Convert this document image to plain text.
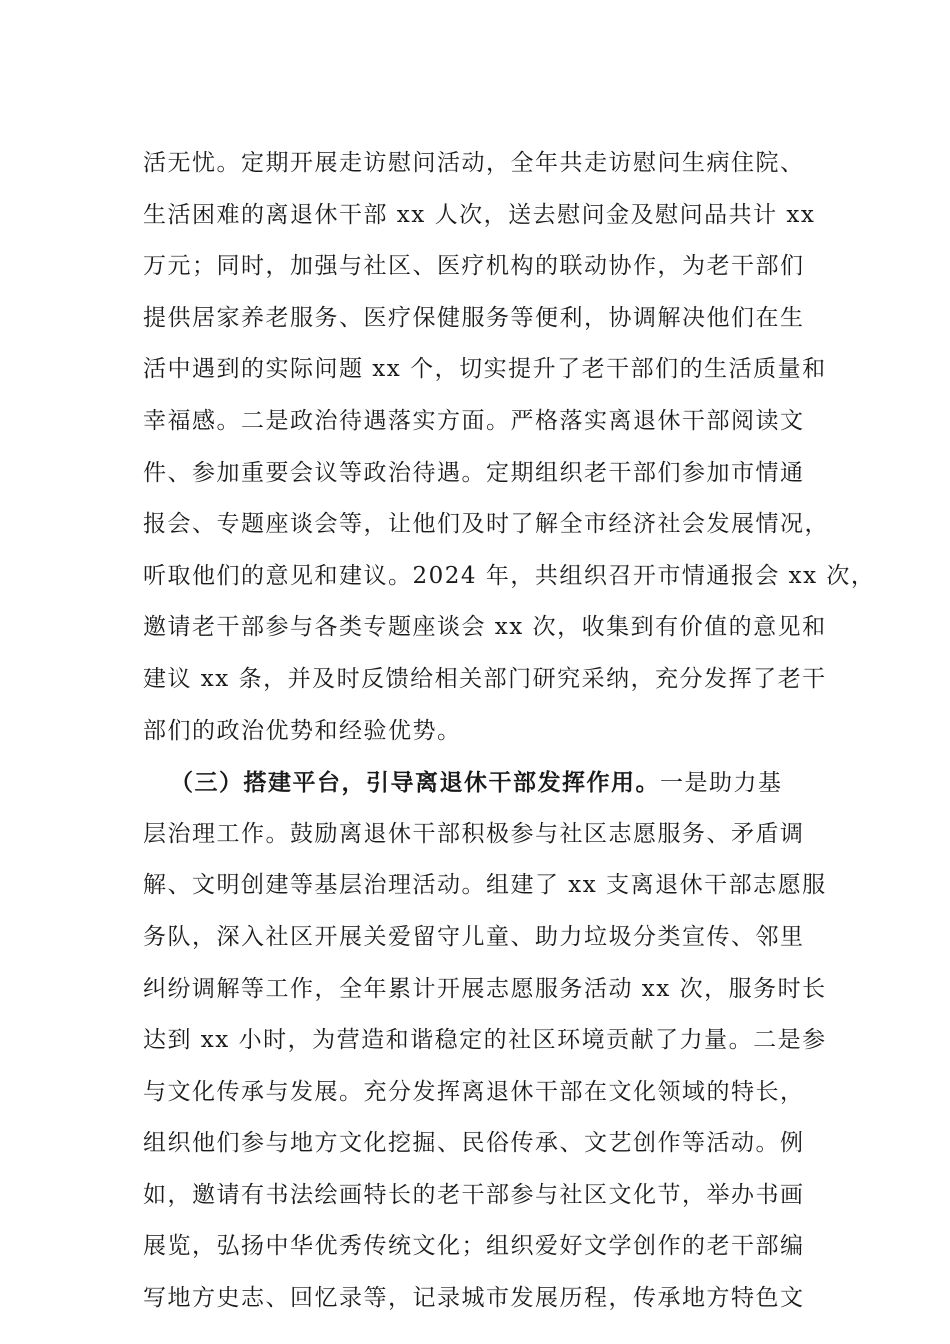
活无忧。定期开展走访慰问活动，全年共走访慰问生病住院、
生活困难的离退休干部 xx 人次，送去慰问金及慰问品共计 xx
万元；同时，加强与社区、医疗机构的联动协作，为老干部们
提供居家养老服务、医疗保健服务等便利，协调解决他们在生
活中遇到的实际问题 xx 个，切实提升了老干部们的生活质量和
幸福感。二是政治待遇落实方面。严格落实离退休干部阅读文
件、参加重要会议等政治待遇。定期组织老干部们参加市情通
报会、专题座谈会等，让他们及时了解全市经济社会发展情况，
听取他们的意见和建议。2024 年，共组织召开市情通报会 xx 次，
邀请老干部参与各类专题座谈会 xx 次，收集到有价值的意见和
建议 xx 条，并及时反馈给相关部门研究采纳，充分发挥了老干
部们的政治优势和经验优势。
（三）搭建平台，引导离退休干部发挥作用。一是助力基
层治理工作。鼓励离退休干部积极参与社区志愿服务、矛盾调
解、文明创建等基层治理活动。组建了 xx 支离退休干部志愿服
务队，深入社区开展关爱留守儿童、助力垃圾分类宣传、邻里
纠纷调解等工作，全年累计开展志愿服务活动 xx 次，服务时长
达到 xx 小时，为营造和谐稳定的社区环境贡献了力量。二是参
与文化传承与发展。充分发挥离退休干部在文化领域的特长，
组织他们参与地方文化挖掘、民俗传承、文艺创作等活动。例
如，邀请有书法绘画特长的老干部参与社区文化节，举办书画
展览，弘扬中华优秀传统文化；组织爱好文学创作的老干部编
写地方史志、回忆录等，记录城市发展历程，传承地方特色文
